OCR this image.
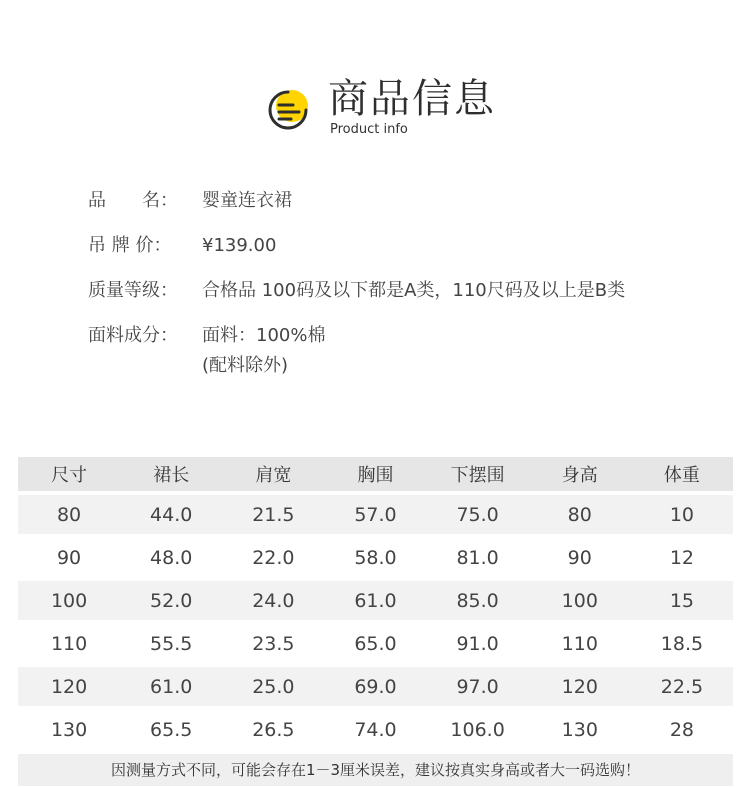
商品信息
Product info
品　　名：	婴童连衣裙
吊 牌 价：	¥139.00
质量等级：	合格品 100码及以下都是A类，110尺码及以上是B类
面料成分：	面料：100%棉
(配料除外)
尺寸	裙长	肩宽	胸围	下摆围	身高	体重
80	44.0	21.5	57.0	75.0	80	10
90	48.0	22.0	58.0	81.0	90	12
100	52.0	24.0	61.0	85.0	100	15
110	55.5	23.5	65.0	91.0	110	18.5
120	61.0	25.0	69.0	97.0	120	22.5
130	65.5	26.5	74.0	106.0	130	28
因测量方式不同，可能会存在1－3厘米误差，建议按真实身高或者大一码选购！
